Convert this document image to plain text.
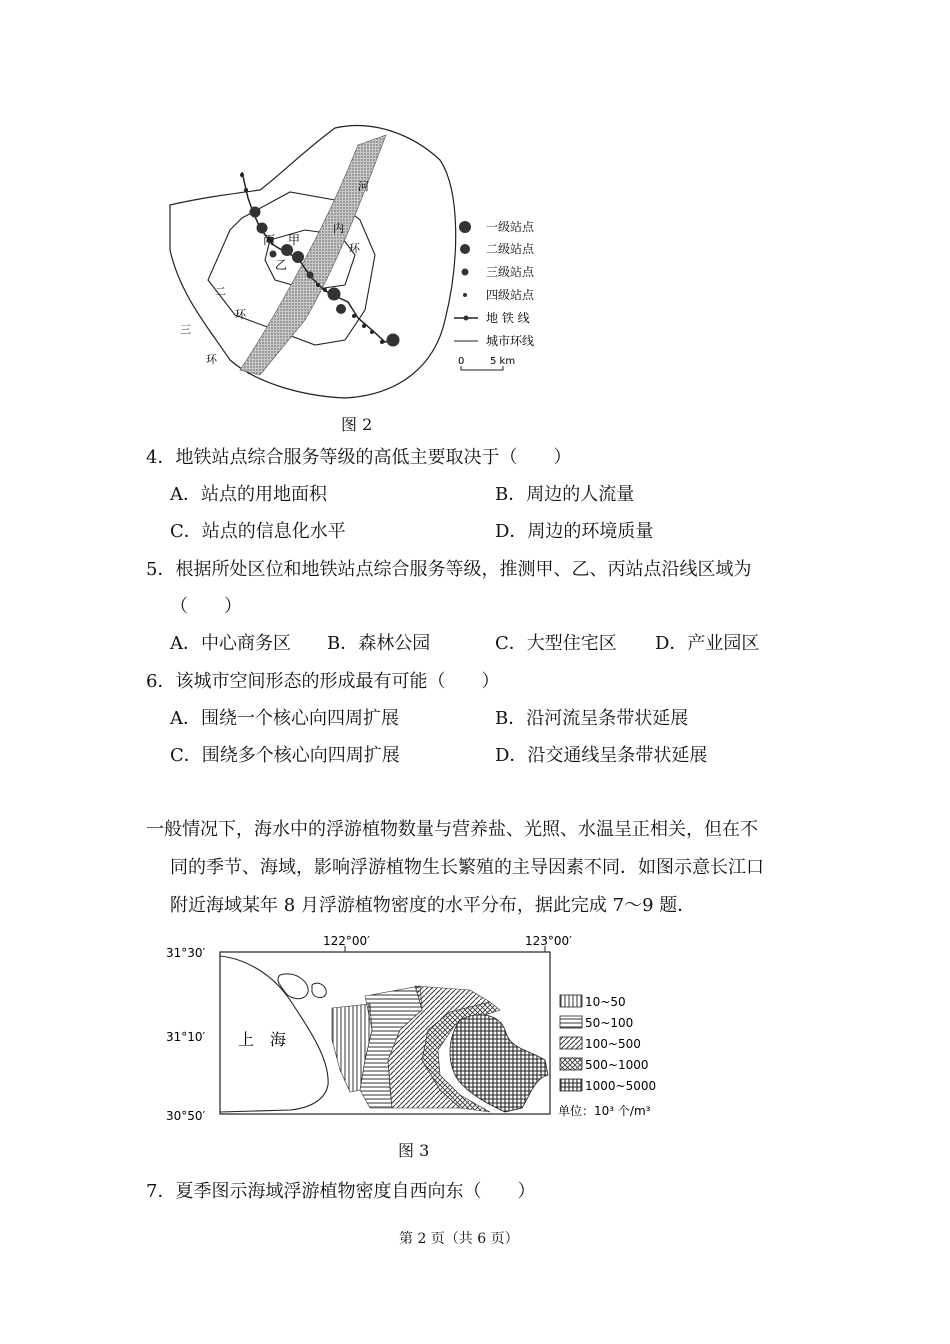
丙 甲
乙
河
内
环
二
环
三
环
一级站点
二级站点
三级站点
四级站点
地 铁 线
城市环线
0	5 km
图 2
4．地铁站点综合服务等级的高低主要取决于（　　）
A．站点的用地面积	B．周边的人流量
C．站点的信息化水平	D．周边的环境质量
5．根据所处区位和地铁站点综合服务等级，推测甲、乙、丙站点沿线区域为
（　　）
A．中心商务区 B．森林公园	C．大型住宅区 D．产业园区
6．该城市空间形态的形成最有可能（　　）
A．围绕一个核心向四周扩展	B．沿河流呈条带状延展
C．围绕多个核心向四周扩展	D．沿交通线呈条带状延展
一般情况下，海水中的浮游植物数量与营养盐、光照、水温呈正相关，但在不
同的季节、海域，影响浮游植物生长繁殖的主导因素不同．如图示意长江口
附近海域某年 8 月浮游植物密度的水平分布，据此完成 7～9 题．
31°30′
31°10′
30°50′
122°00′	123°00′
上　海
10~50
50~100
100~500
500~1000
1000~5000
单位：10³ 个/m³
图 3
7．夏季图示海域浮游植物密度自西向东（　　）
第 2 页（共 6 页）
